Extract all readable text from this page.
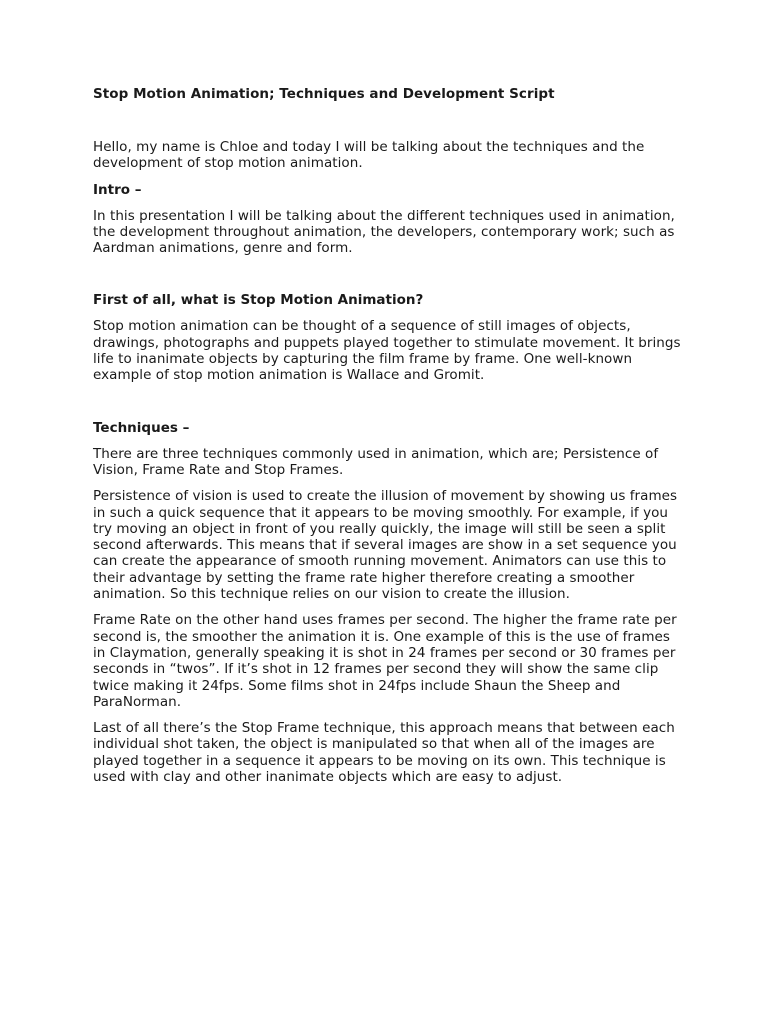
Stop Motion Animation; Techniques and Development Script

Hello, my name is Chloe and today I will be talking about the techniques and the development of stop motion animation.

Intro –

In this presentation I will be talking about the different techniques used in animation, the development throughout animation, the developers, contemporary work; such as Aardman animations, genre and form.

First of all, what is Stop Motion Animation?

Stop motion animation can be thought of a sequence of still images of objects, drawings, photographs and puppets played together to stimulate movement. It brings life to inanimate objects by capturing the film frame by frame. One well-known example of stop motion animation is Wallace and Gromit.

Techniques –

There are three techniques commonly used in animation, which are; Persistence of Vision, Frame Rate and Stop Frames.

Persistence of vision is used to create the illusion of movement by showing us frames in such a quick sequence that it appears to be moving smoothly. For example, if you try moving an object in front of you really quickly, the image will still be seen a split second afterwards. This means that if several images are show in a set sequence you can create the appearance of smooth running movement. Animators can use this to their advantage by setting the frame rate higher therefore creating a smoother animation. So this technique relies on our vision to create the illusion.

Frame Rate on the other hand uses frames per second. The higher the frame rate per second is, the smoother the animation it is. One example of this is the use of frames in Claymation, generally speaking it is shot in 24 frames per second or 30 frames per seconds in “twos”. If it’s shot in 12 frames per second they will show the same clip twice making it 24fps. Some films shot in 24fps include Shaun the Sheep and ParaNorman.

Last of all there’s the Stop Frame technique, this approach means that between each individual shot taken, the object is manipulated so that when all of the images are played together in a sequence it appears to be moving on its own. This technique is used with clay and other inanimate objects which are easy to adjust.
